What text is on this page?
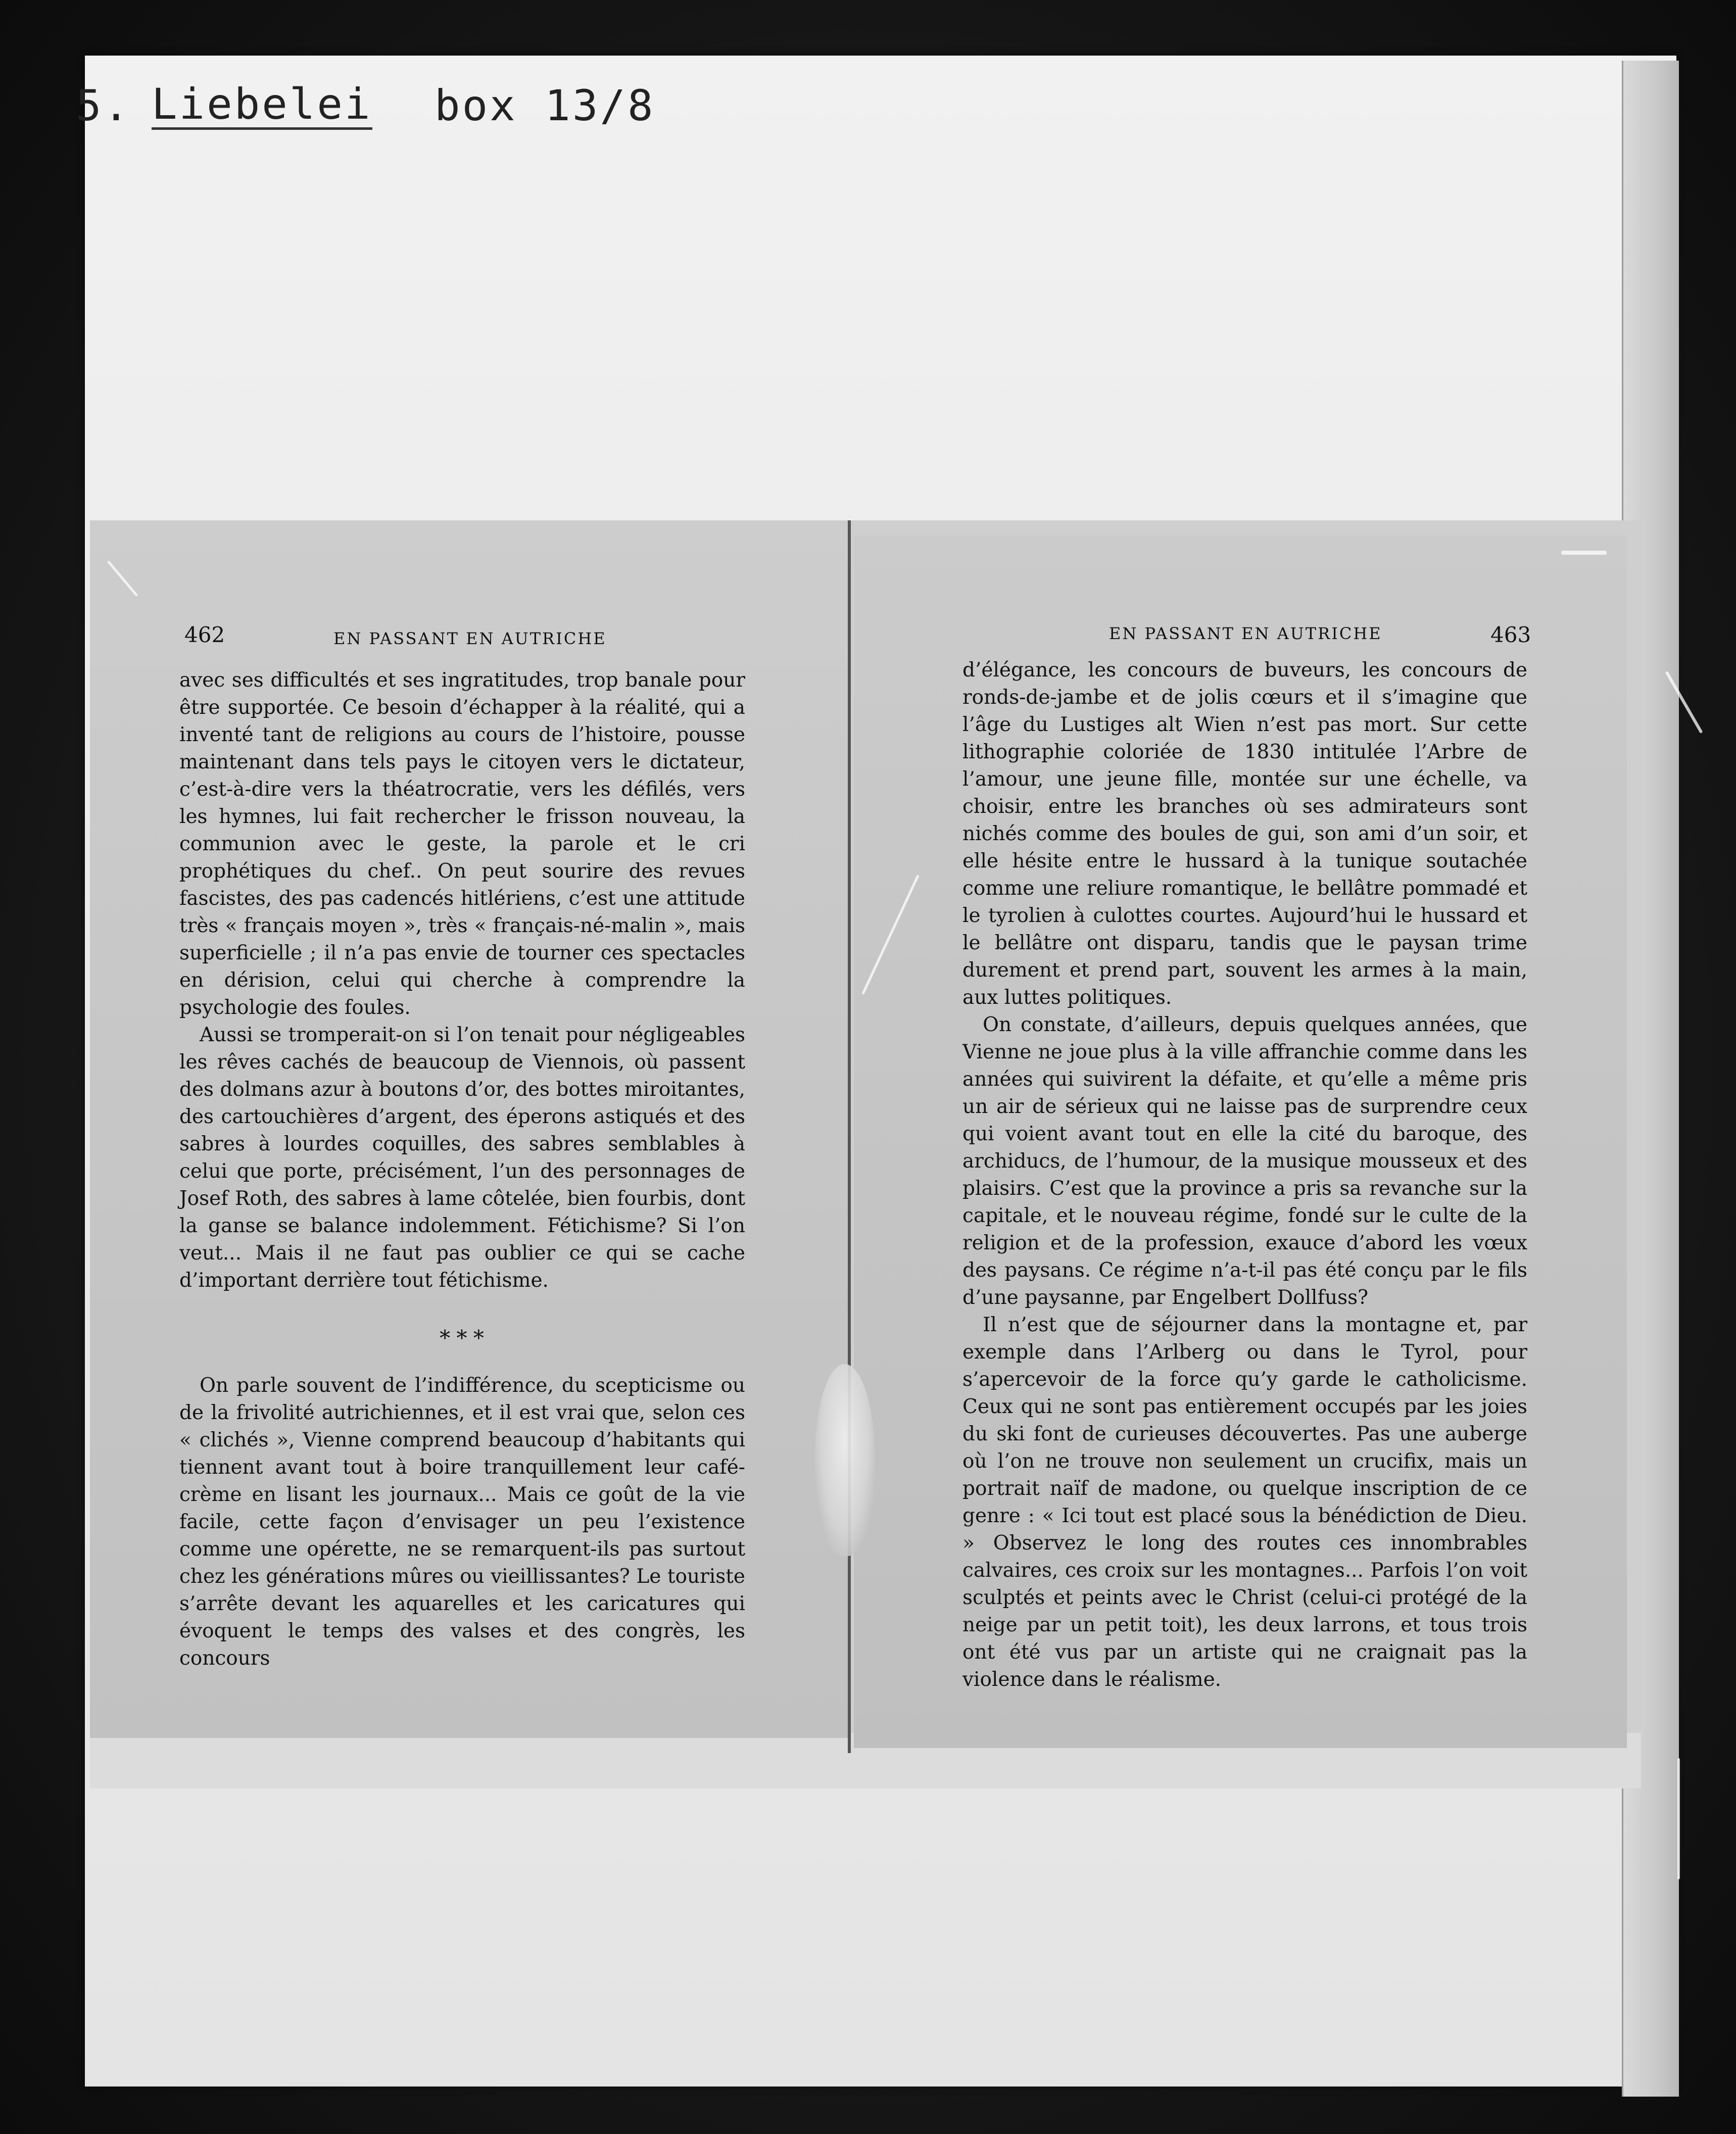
5. Liebelei box 13/8
462	EN PASSANT EN AUTRICHE	EN PASSANT EN AUTRICHE	463

avec ses difficultés et ses ingratitudes, trop banale pour être supportée. Ce besoin d’échapper à la réalité, qui a inventé tant de religions au cours de l’histoire, pousse maintenant dans tels pays le citoyen vers le dictateur, c’est-à-dire vers la théatrocratie, vers les défilés, vers les hymnes, lui fait rechercher le frisson nouveau, la communion avec le geste, la parole et le cri prophétiques du chef.. On peut sourire des revues fascistes, des pas cadencés hitlériens, c’est une attitude très « français moyen », très « français-né-malin », mais superficielle ; il n’a pas envie de tourner ces spectacles en dérision, celui qui cherche à comprendre la psychologie des foules.

Aussi se tromperait-on si l’on tenait pour négligeables les rêves cachés de beaucoup de Viennois, où passent des dolmans azur à boutons d’or, des bottes miroitantes, des cartouchières d’argent, des éperons astiqués et des sabres à lourdes coquilles, des sabres semblables à celui que porte, précisément, l’un des personnages de Josef Roth, des sabres à lame côtelée, bien fourbis, dont la ganse se balance indolemment. Fétichisme? Si l’on veut... Mais il ne faut pas oublier ce qui se cache d’important derrière tout fétichisme.

* * *

On parle souvent de l’indifférence, du scepticisme ou de la frivolité autrichiennes, et il est vrai que, selon ces « clichés », Vienne comprend beaucoup d’habitants qui tiennent avant tout à boire tranquillement leur café-crème en lisant les journaux... Mais ce goût de la vie facile, cette façon d’envisager un peu l’existence comme une opérette, ne se remarquent-ils pas surtout chez les générations mûres ou vieillissantes? Le touriste s’arrête devant les aquarelles et les caricatures qui évoquent le temps des valses et des congrès, les concours

d’élégance, les concours de buveurs, les concours de ronds-de-jambe et de jolis cœurs et il s’imagine que l’âge du Lustiges alt Wien n’est pas mort. Sur cette lithographie coloriée de 1830 intitulée l’Arbre de l’amour, une jeune fille, montée sur une échelle, va choisir, entre les branches où ses admirateurs sont nichés comme des boules de gui, son ami d’un soir, et elle hésite entre le hussard à la tunique soutachée comme une reliure romantique, le bellâtre pommadé et le tyrolien à culottes courtes. Aujourd’hui le hussard et le bellâtre ont disparu, tandis que le paysan trime durement et prend part, souvent les armes à la main, aux luttes politiques.

On constate, d’ailleurs, depuis quelques années, que Vienne ne joue plus à la ville affranchie comme dans les années qui suivirent la défaite, et qu’elle a même pris un air de sérieux qui ne laisse pas de surprendre ceux qui voient avant tout en elle la cité du baroque, des archiducs, de l’humour, de la musique mousseux et des plaisirs. C’est que la province a pris sa revanche sur la capitale, et le nouveau régime, fondé sur le culte de la religion et de la profession, exauce d’abord les vœux des paysans. Ce régime n’a-t-il pas été conçu par le fils d’une paysanne, par Engelbert Dollfuss?

Il n’est que de séjourner dans la montagne et, par exemple dans l’Arlberg ou dans le Tyrol, pour s’apercevoir de la force qu’y garde le catholicisme. Ceux qui ne sont pas entièrement occupés par les joies du ski font de curieuses découvertes. Pas une auberge où l’on ne trouve non seulement un crucifix, mais un portrait naïf de madone, ou quelque inscription de ce genre : « Ici tout est placé sous la bénédiction de Dieu. » Observez le long des routes ces innombrables calvaires, ces croix sur les montagnes... Parfois l’on voit sculptés et peints avec le Christ (celui-ci protégé de la neige par un petit toit), les deux larrons, et tous trois ont été vus par un artiste qui ne craignait pas la violence dans le réalisme.
